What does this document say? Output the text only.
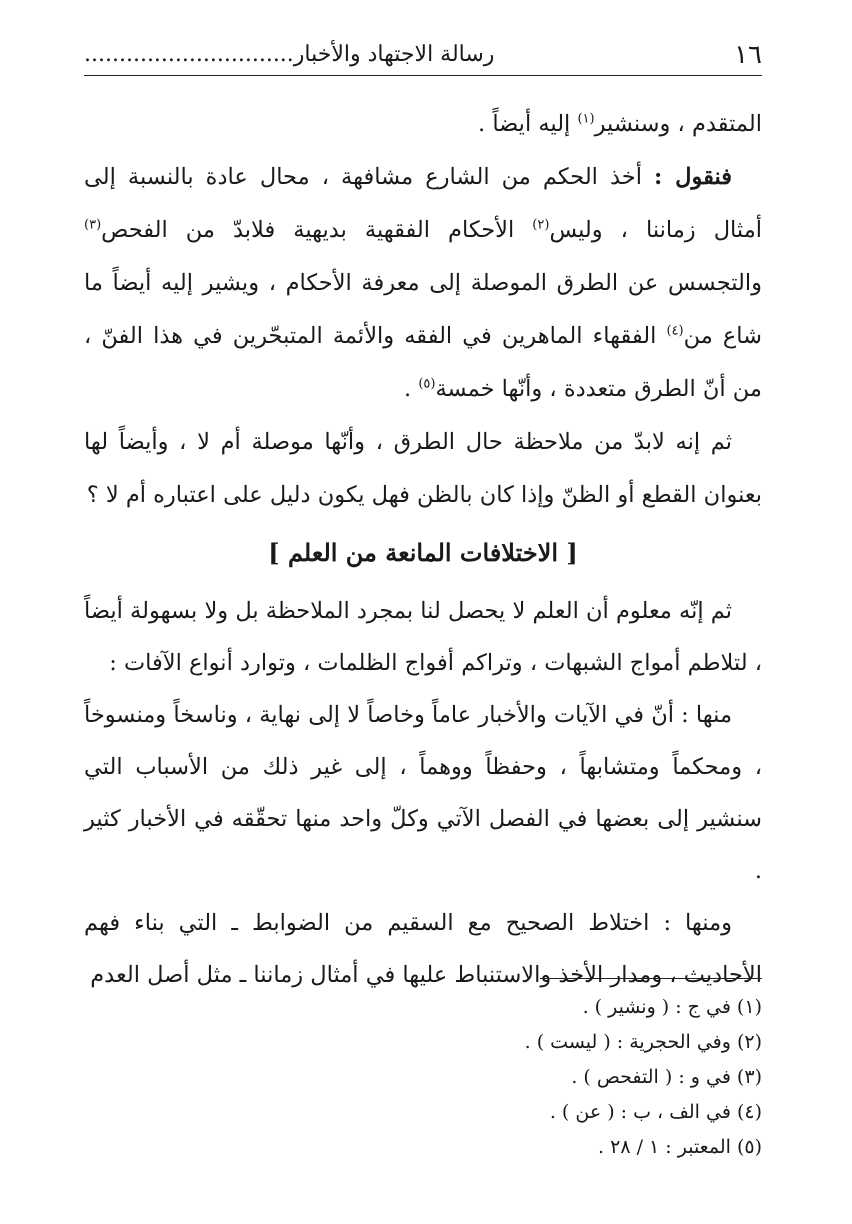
١٦
رسالة الاجتهاد والأخبار..............................

المتقدم ، وسنشير$^{(١)}$ إليه أيضاً .

فنقول : أخذ الحكم من الشارع مشافهة ، محال عادة بالنسبة إلى أمثال زماننا ، وليس$^{(٢)}$ الأحكام الفقهية بديهية فلابدّ من الفحص$^{(٣)}$ والتجسس عن الطرق الموصلة إلى معرفة الأحكام ، ويشير إليه أيضاً ما شاع من$^{(٤)}$ الفقهاء الماهرين في الفقه والأئمة المتبحّرين في هذا الفنّ ، من أنّ الطرق متعددة ، وأنّها خمسة$^{(٥)}$ .

ثم إنه لابدّ من ملاحظة حال الطرق ، وأنّها موصلة أم لا ، وأيضاً لها بعنوان القطع أو الظنّ وإذا كان بالظن فهل يكون دليل على اعتباره أم لا ؟

[ الاختلافات المانعة من العلم ]

ثم إنّه معلوم أن العلم لا يحصل لنا بمجرد الملاحظة بل ولا بسهولة أيضاً ، لتلاطم أمواج الشبهات ، وتراكم أفواج الظلمات ، وتوارد أنواع الآفات :

منها : أنّ في الآيات والأخبار عاماً وخاصاً لا إلى نهاية ، وناسخاً ومنسوخاً ، ومحكماً ومتشابهاً ، وحفظاً ووهماً ، إلى غير ذلك من الأسباب التي سنشير إلى بعضها في الفصل الآتي وكلّ واحد منها تحقّقه في الأخبار كثير .

ومنها : اختلاط الصحيح مع السقيم من الضوابط ـ التي بناء فهم الأحاديث ، ومدار الأخذ والاستنباط عليها في أمثال زماننا ـ مثل أصل العدم

(١) في ج : ( ونشير ) .
(٢) وفي الحجرية : ( ليست ) .
(٣) في و : ( التفحص ) .
(٤) في الف ، ب : ( عن ) .
(٥) المعتبر : ١ / ٢٨ .
